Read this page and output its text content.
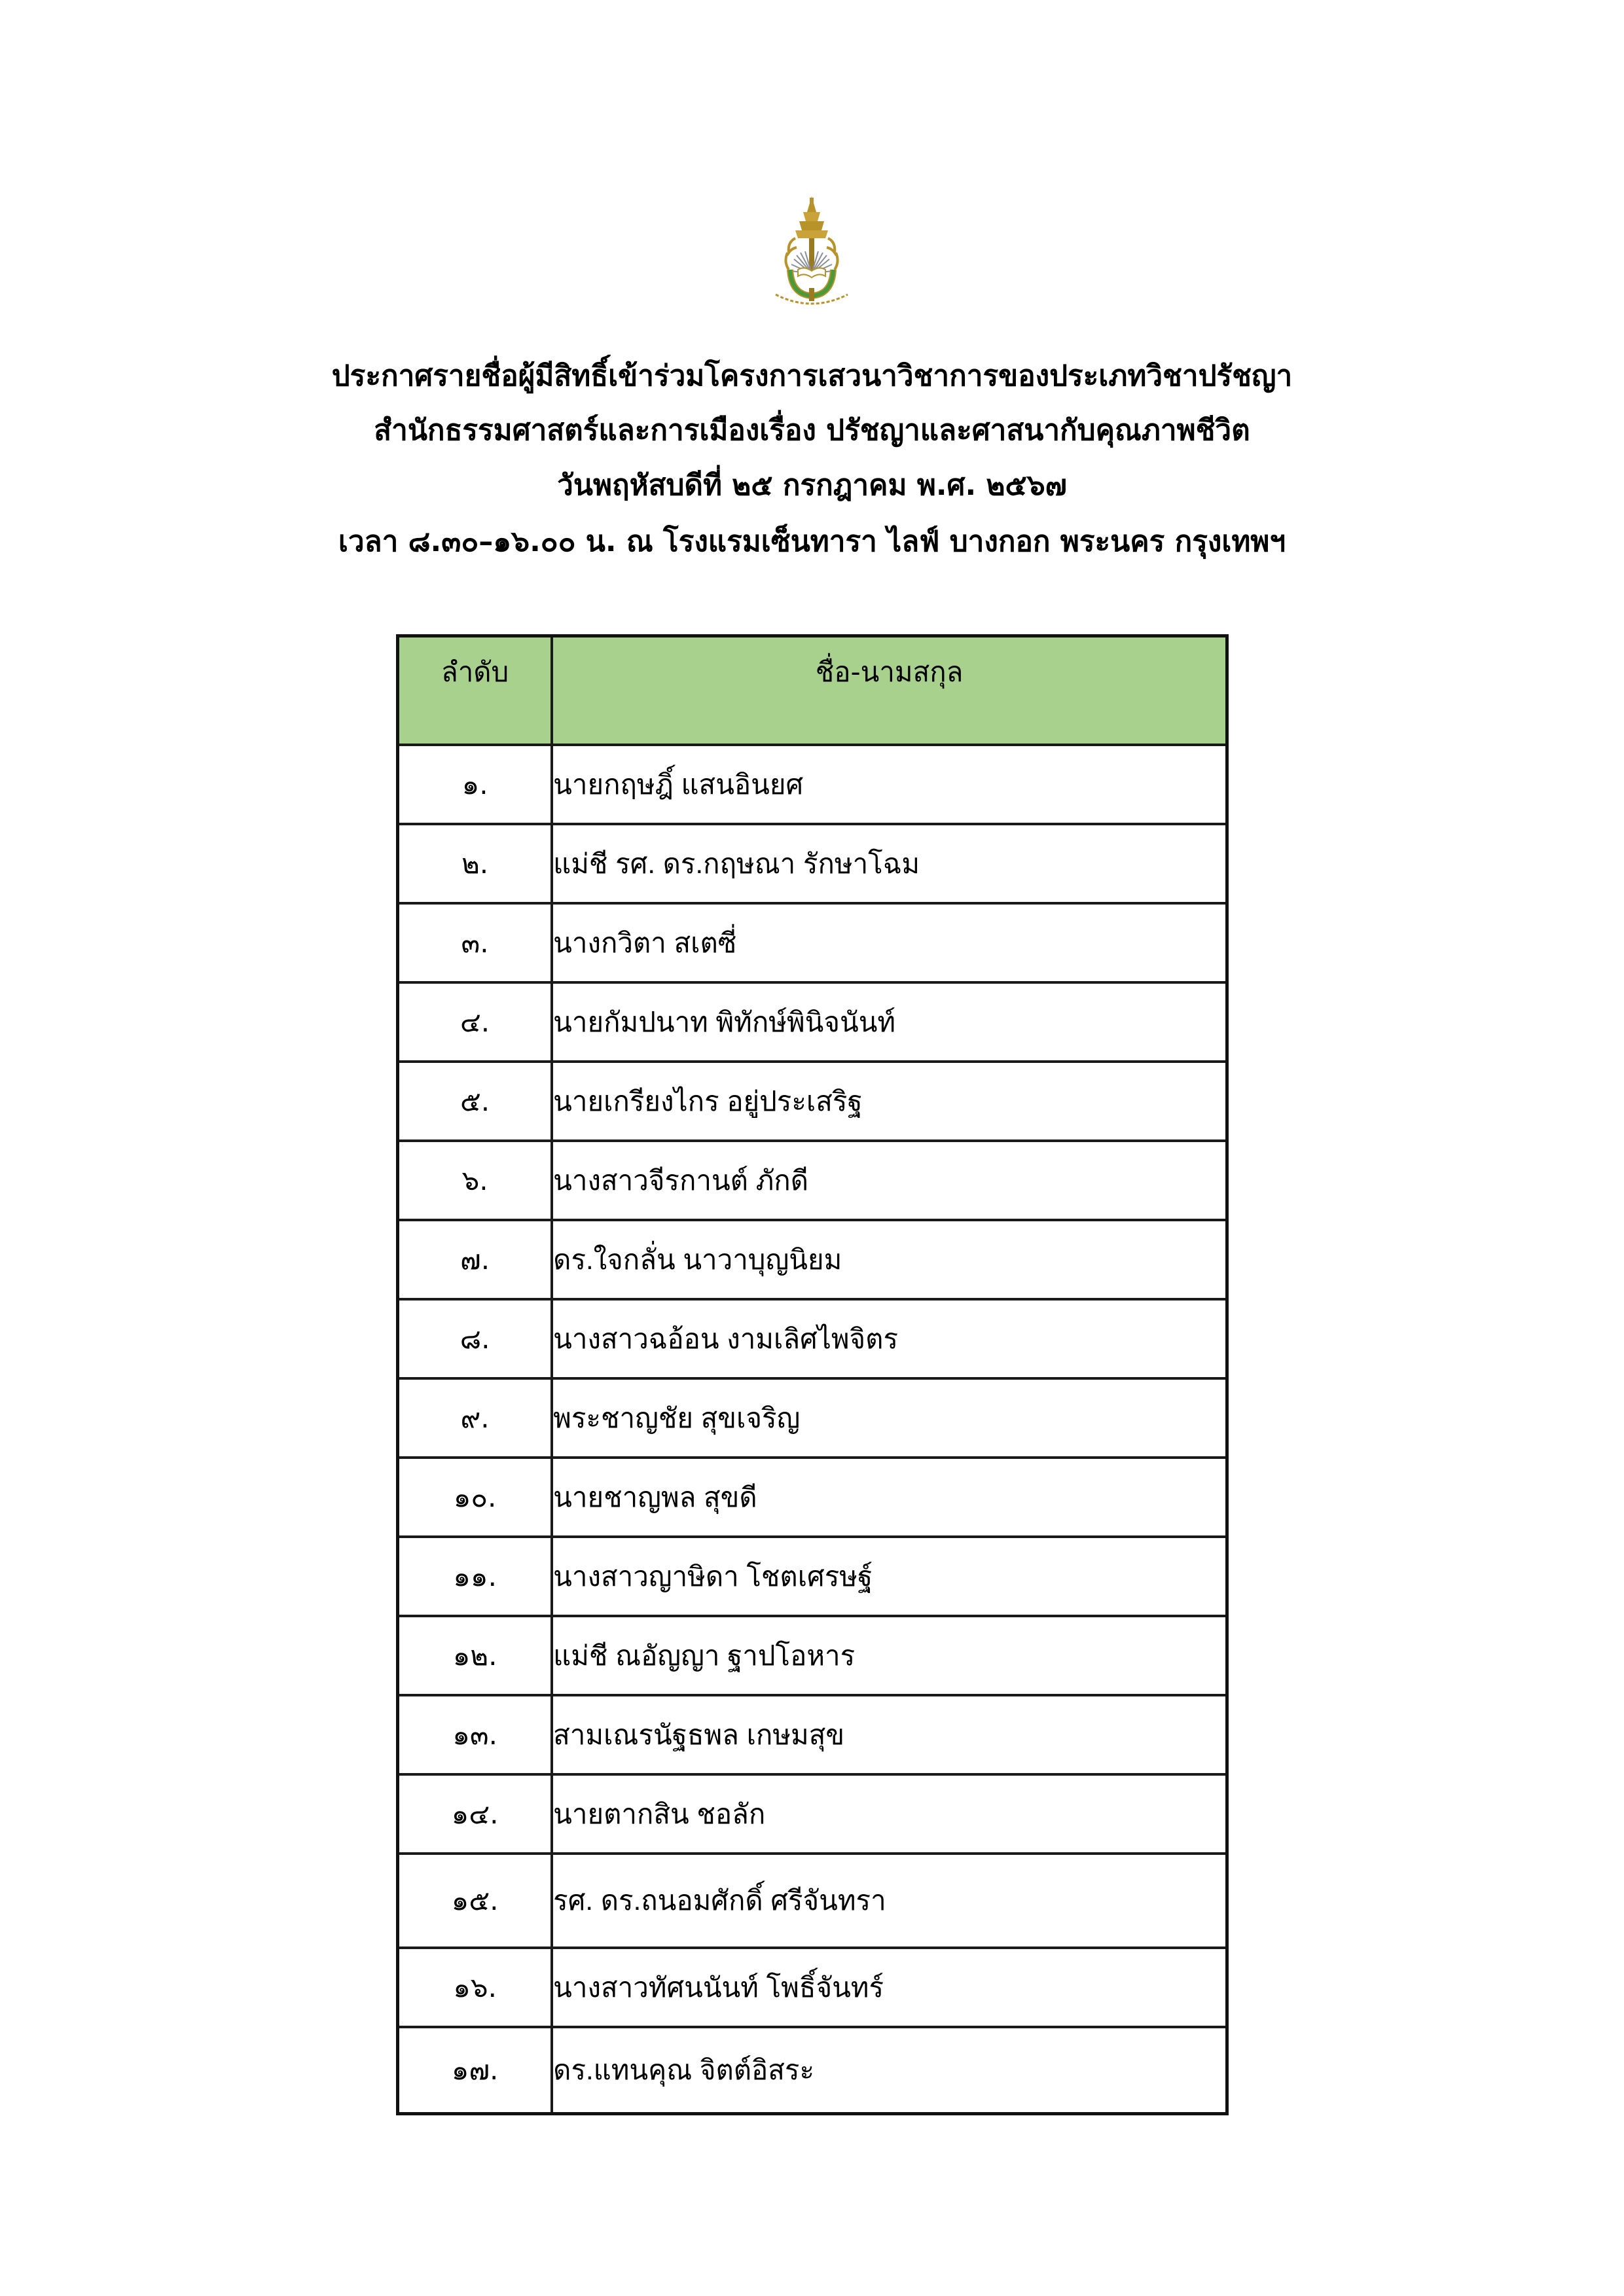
ประกาศรายชื่อผู้มีสิทธิ์เข้าร่วมโครงการเสวนาวิชาการของประเภทวิชาปรัชญา
สำนักธรรมศาสตร์และการเมืองเรื่อง ปรัชญาและศาสนากับคุณภาพชีวิต
วันพฤหัสบดีที่ ๒๕ กรกฎาคม พ.ศ. ๒๕๖๗
เวลา ๘.๓๐–๑๖.๐๐ น. ณ โรงแรมเซ็นทารา ไลฟ์ บางกอก พระนคร กรุงเทพฯ
ลำดับ	ชื่อ-นามสกุล
๑.	นายกฤษฎิ์ แสนอินยศ
๒.	แม่ชี รศ. ดร.กฤษณา รักษาโฉม
๓.	นางกวิตา สเตซี่
๔.	นายกัมปนาท พิทักษ์พินิจนันท์
๕.	นายเกรียงไกร อยู่ประเสริฐ
๖.	นางสาวจีรกานต์ ภักดี
๗.	ดร.ใจกลั่น นาวาบุญนิยม
๘.	นางสาวฉอ้อน งามเลิศไพจิตร
๙.	พระชาญชัย สุขเจริญ
๑๐.	นายชาญพล สุขดี
๑๑.	นางสาวญาษิดา โชตเศรษฐ์
๑๒.	แม่ชี ณอัญญา ฐาปโอหาร
๑๓.	สามเณรนัฐธพล เกษมสุข
๑๔.	นายตากสิน ชอลัก
๑๕.	รศ. ดร.ถนอมศักดิ์ ศรีจันทรา
๑๖.	นางสาวทัศนนันท์ โพธิ์จันทร์
๑๗.	ดร.แทนคุณ จิตต์อิสระ
